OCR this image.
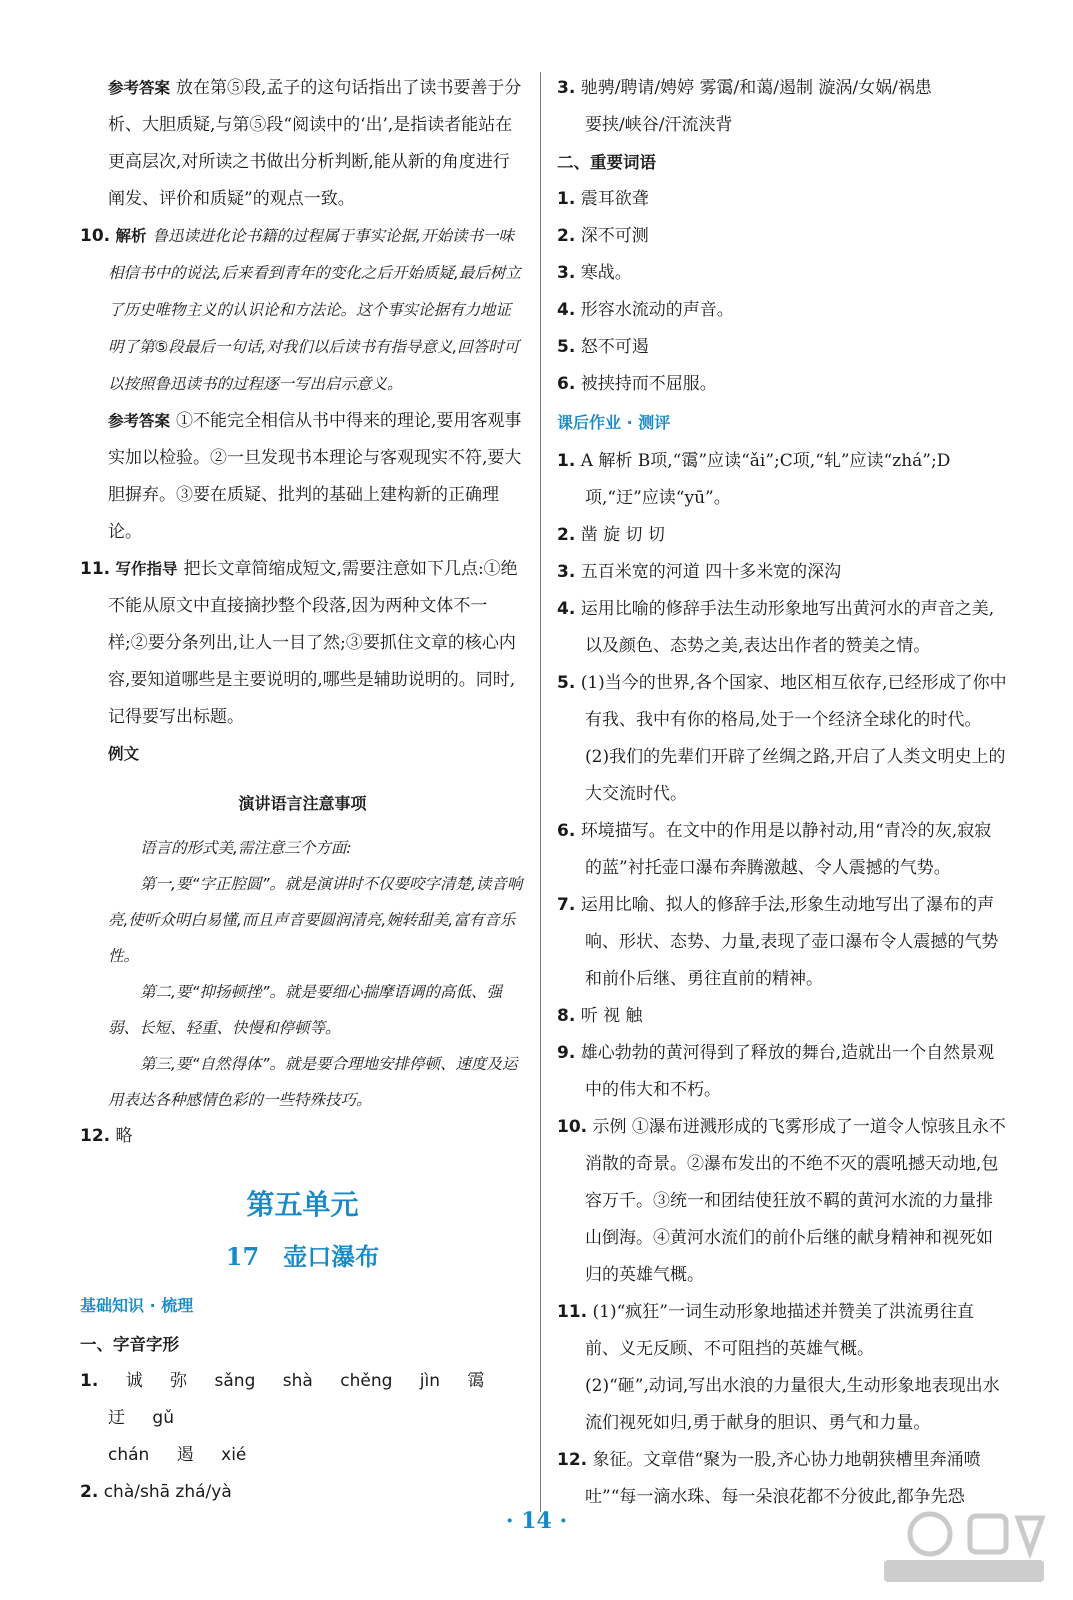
参考答案 放在第⑤段,孟子的这句话指出了读书要善于分析、大胆质疑,与第⑤段“阅读中的‘出’,是指读者能站在更高层次,对所读之书做出分析判断,能从新的角度进行阐发、评价和质疑”的观点一致。

10. 解析 鲁迅读进化论书籍的过程属于事实论据,开始读书一味相信书中的说法,后来看到青年的变化之后开始质疑,最后树立了历史唯物主义的认识论和方法论。这个事实论据有力地证明了第⑤段最后一句话,对我们以后读书有指导意义,回答时可以按照鲁迅读书的过程逐一写出启示意义。

参考答案 ①不能完全相信从书中得来的理论,要用客观事实加以检验。②一旦发现书本理论与客观现实不符,要大胆摒弃。③要在质疑、批判的基础上建构新的正确理论。

11. 写作指导 把长文章简缩成短文,需要注意如下几点:①绝不能从原文中直接摘抄整个段落,因为两种文体不一样;②要分条列出,让人一目了然;③要抓住文章的核心内容,要知道哪些是主要说明的,哪些是辅助说明的。同时,记得要写出标题。

例文

演讲语言注意事项

语言的形式美,需注意三个方面:

第一,要“字正腔圆”。就是演讲时不仅要咬字清楚,读音响亮,使听众明白易懂,而且声音要圆润清亮,婉转甜美,富有音乐性。

第二,要“抑扬顿挫”。就是要细心揣摩语调的高低、强弱、长短、轻重、快慢和停顿等。

第三,要“自然得体”。就是要合理地安排停顿、速度及运用表达各种感情色彩的一些特殊技巧。

12. 略

第五单元
17 壶口瀑布

基础知识 · 梳理

一、字音字形

1. 诚 弥 sǎng shà chěng jìn 霭 迂 gǔ

chán 遏 xié

2. chà/shā zhá/yà

3. 驰骋/聘请/娉婷 雾霭/和蔼/遏制 漩涡/女娲/祸患

要挟/峡谷/汗流浃背

二、重要词语

1. 震耳欲聋

2. 深不可测

3. 寒战。

4. 形容水流动的声音。

5. 怒不可遏

6. 被挟持而不屈服。

课后作业 · 测评

1. A 解析 B项,“霭”应读“ǎi”;C项,“轧”应读“zhá”;D项,“迂”应读“yū”。

2. 凿 旋 切 切

3. 五百米宽的河道 四十多米宽的深沟

4. 运用比喻的修辞手法生动形象地写出黄河水的声音之美,以及颜色、态势之美,表达出作者的赞美之情。

5. (1)当今的世界,各个国家、地区相互依存,已经形成了你中有我、我中有你的格局,处于一个经济全球化的时代。

(2)我们的先辈们开辟了丝绸之路,开启了人类文明史上的大交流时代。

6. 环境描写。在文中的作用是以静衬动,用“青冷的灰,寂寂的蓝”衬托壶口瀑布奔腾激越、令人震撼的气势。

7. 运用比喻、拟人的修辞手法,形象生动地写出了瀑布的声响、形状、态势、力量,表现了壶口瀑布令人震撼的气势和前仆后继、勇往直前的精神。

8. 听 视 触

9. 雄心勃勃的黄河得到了释放的舞台,造就出一个自然景观中的伟大和不朽。

10. 示例 ①瀑布迸溅形成的飞雾形成了一道令人惊骇且永不消散的奇景。②瀑布发出的不绝不灭的震吼撼天动地,包容万千。③统一和团结使狂放不羁的黄河水流的力量排山倒海。④黄河水流们的前仆后继的献身精神和视死如归的英雄气概。

11. (1)“疯狂”一词生动形象地描述并赞美了洪流勇往直前、义无反顾、不可阻挡的英雄气概。

(2)“砸”,动词,写出水浪的力量很大,生动形象地表现出水流们视死如归,勇于献身的胆识、勇气和力量。

12. 象征。文章借“聚为一股,齐心协力地朝狭槽里奔涌喷吐”“每一滴水珠、每一朵浪花都不分彼此,都争先恐

· 14 ·
